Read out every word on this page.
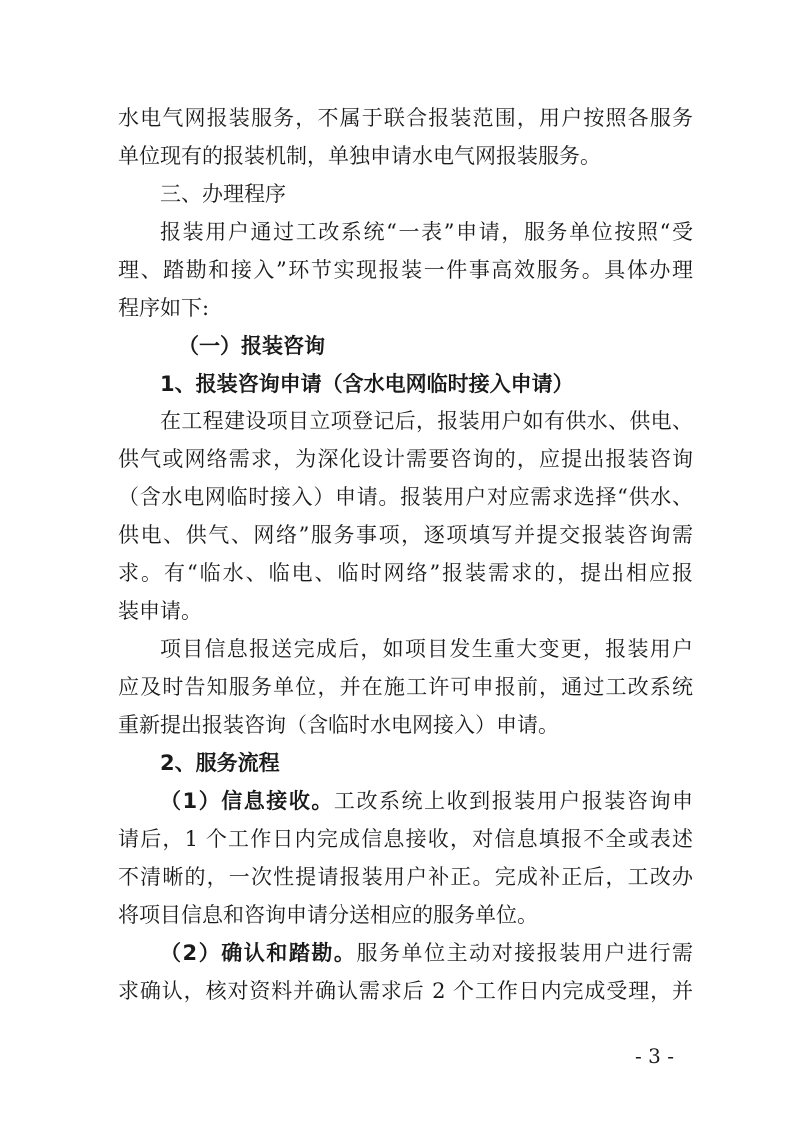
水电气网报装服务，不属于联合报装范围，用户按照各服务
单位现有的报装机制，单独申请水电气网报装服务。
三、办理程序
报装用户通过工改系统“一表”申请，服务单位按照“受
理、踏勘和接入”环节实现报装一件事高效服务。具体办理
程序如下:
（一）报装咨询
1、报装咨询申请（含水电网临时接入申请）
在工程建设项目立项登记后，报装用户如有供水、供电、
供气或网络需求，为深化设计需要咨询的，应提出报装咨询
（含水电网临时接入）申请。报装用户对应需求选择“供水、
供电、供气、网络”服务事项，逐项填写并提交报装咨询需
求。有“临水、临电、临时网络”报装需求的，提出相应报
装申请。
项目信息报送完成后，如项目发生重大变更，报装用户
应及时告知服务单位，并在施工许可申报前，通过工改系统
重新提出报装咨询（含临时水电网接入）申请。
2、服务流程
（1）信息接收。工改系统上收到报装用户报装咨询申
请后，1 个工作日内完成信息接收，对信息填报不全或表述
不清晰的，一次性提请报装用户补正。完成补正后，工改办
将项目信息和咨询申请分送相应的服务单位。
（2）确认和踏勘。服务单位主动对接报装用户进行需
求确认，核对资料并确认需求后 2 个工作日内完成受理，并
- 3 -
